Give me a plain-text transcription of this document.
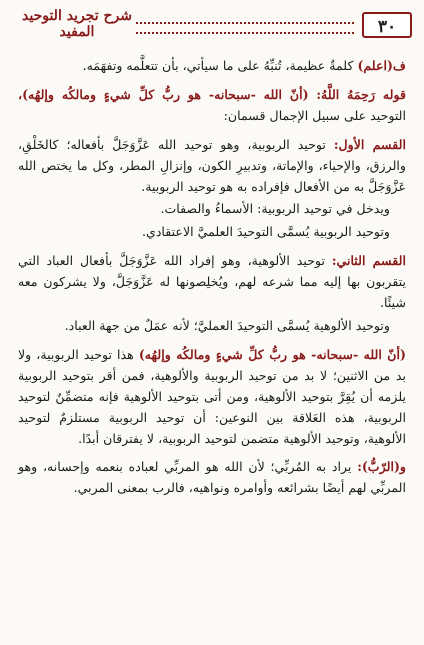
شرح تجريد التوحيد المفيد	٣٠

ف(اعلم) كلمةٌ عظيمة، تُنبِّهُ على ما سيأتي، بأن تتعلَّمه وتفهَمَه.

قوله رَحِمَهُ اللَّهُ: (أنّ الله -سبحانه- هو ربُّ كلِّ شيءٍ ومالكُه وإلهُه)، التوحيد على سبيل الإجمال قسمان:

القسم الأول: توحيد الربوبية، وهو توحيد الله عَزَّوَجَلَّ بأفعاله؛ كالخَلْقِ، والرزق، والإحياء، والإماتة، وتدبيرِ الكون، وإنزالِ المطر، وكل ما يختص الله عَزَّوَجَلَّ به من الأفعال فإفراده به هو توحيد الربوبية.

ويدخل في توحيد الربوبية: الأسماءُ والصفات.

وتوحيد الربوبية يُسمَّى التوحيدَ العلميَّ الاعتقادي.

القسم الثاني: توحيد الألوهية، وهو إفراد الله عَزَّوَجَلَّ بأفعال العباد التي يتقربون بها إليه مما شرعه لهم، ويُخلِصونها له عَزَّوَجَلَّ، ولا يشركون معه شيئًا.

وتوحيد الألوهية يُسمَّى التوحيدَ العمليَّ؛ لأنه عمَلٌ من جهة العباد.

(أنّ الله -سبحانه- هو ربُّ كلِّ شيءٍ ومالكُه وإلهُه) هذا توحيد الربوبية، ولا بد من الاثنين؛ لا بد من توحيد الربوبية والألوهية، فمن أقر بتوحيد الربوبية يلزمه أن يُقِرَّ بتوحيد الألوهية، ومن أتى بتوحيد الألوهية فإنه متضمِّنٌ لتوحيد الربوبية، هذه العَلاقة بين النوعين: أن توحيد الربوبية مستلزمٌ لتوحيد الألوهية، وتوحيد الألوهية متضمن لتوحيد الربوبية، لا يفترقان أبدًا.

و(الرّبُّ): يراد به المُربِّي؛ لأن الله هو المربِّي لعباده بنعمه وإحسانه، وهو المربِّي لهم أيضًا بشرائعه وأوامره ونواهيه، فالرب بمعنى المربي.
